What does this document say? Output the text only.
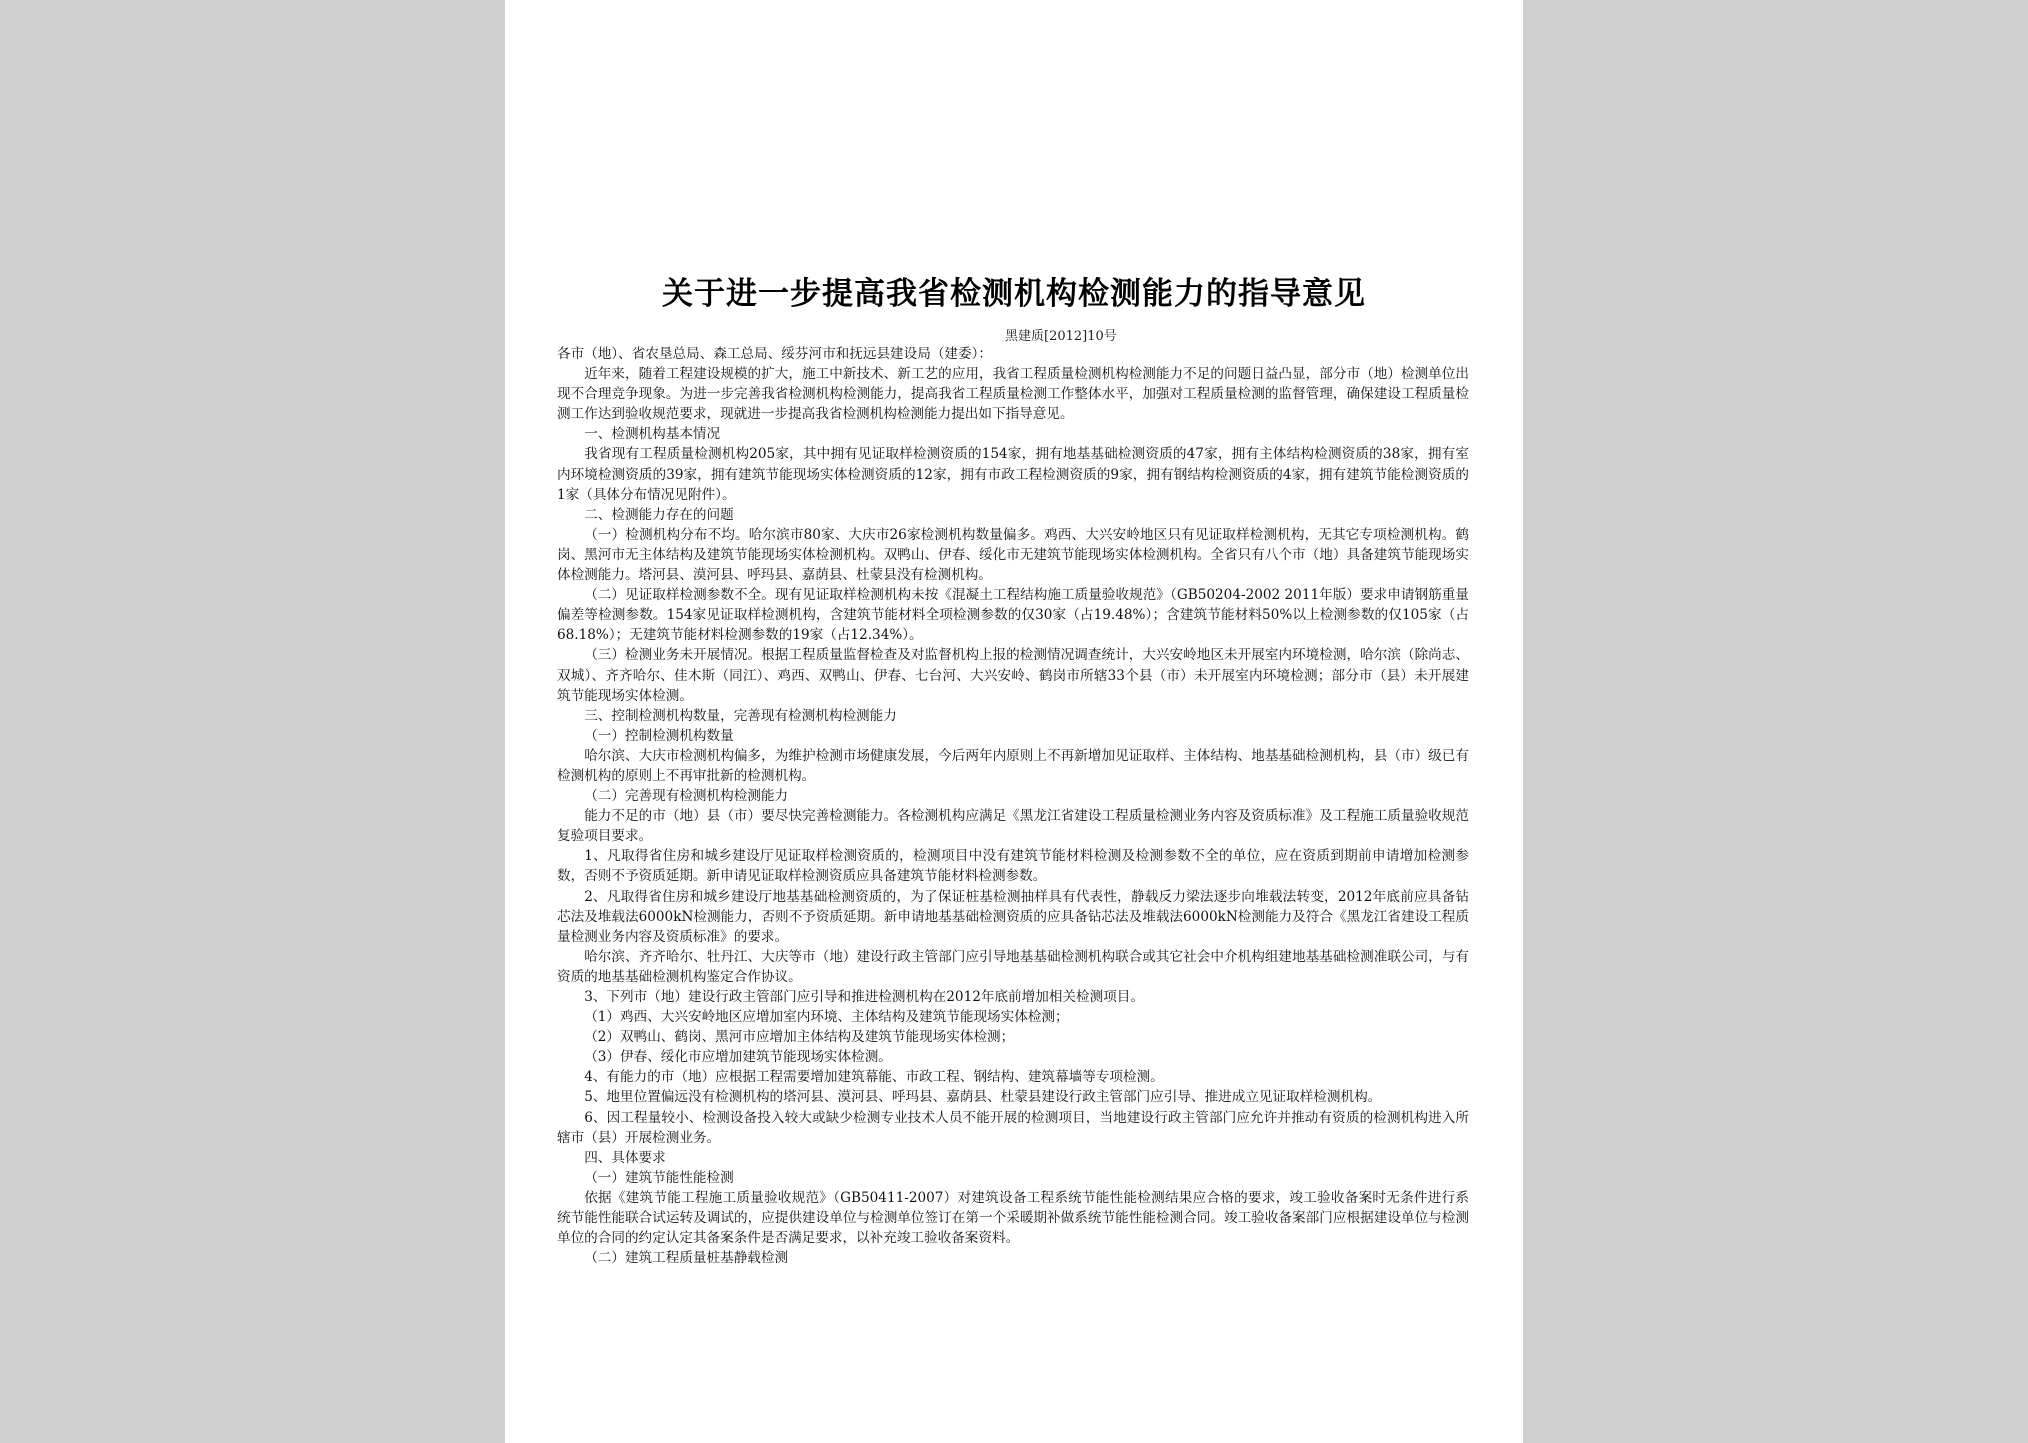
关于进一步提高我省检测机构检测能力的指导意见
黑建质[2012]10号

各市（地）、省农垦总局、森工总局、绥芬河市和抚远县建设局（建委）：

近年来，随着工程建设规模的扩大，施工中新技术、新工艺的应用，我省工程质量检测机构检测能力不足的问题日益凸显，部分市（地）检测单位出现不合理竞争现象。为进一步完善我省检测机构检测能力，提高我省工程质量检测工作整体水平，加强对工程质量检测的监督管理，确保建设工程质量检测工作达到验收规范要求，现就进一步提高我省检测机构检测能力提出如下指导意见。

一、检测机构基本情况

我省现有工程质量检测机构205家，其中拥有见证取样检测资质的154家，拥有地基基础检测资质的47家，拥有主体结构检测资质的38家，拥有室内环境检测资质的39家，拥有建筑节能现场实体检测资质的12家，拥有市政工程检测资质的9家，拥有钢结构检测资质的4家，拥有建筑节能检测资质的1家（具体分布情况见附件）。

二、检测能力存在的问题

（一）检测机构分布不均。哈尔滨市80家、大庆市26家检测机构数量偏多。鸡西、大兴安岭地区只有见证取样检测机构，无其它专项检测机构。鹤岗、黑河市无主体结构及建筑节能现场实体检测机构。双鸭山、伊春、绥化市无建筑节能现场实体检测机构。全省只有八个市（地）具备建筑节能现场实体检测能力。塔河县、漠河县、呼玛县、嘉荫县、杜蒙县没有检测机构。

（二）见证取样检测参数不全。现有见证取样检测机构未按《混凝土工程结构施工质量验收规范》（GB50204-2002 2011年版）要求申请钢筋重量偏差等检测参数。154家见证取样检测机构，含建筑节能材料全项检测参数的仅30家（占19.48%）；含建筑节能材料50%以上检测参数的仅105家（占68.18%）；无建筑节能材料检测参数的19家（占12.34%）。

（三）检测业务未开展情况。根据工程质量监督检查及对监督机构上报的检测情况调查统计，大兴安岭地区未开展室内环境检测，哈尔滨（除尚志、双城）、齐齐哈尔、佳木斯（同江）、鸡西、双鸭山、伊春、七台河、大兴安岭、鹤岗市所辖33个县（市）未开展室内环境检测；部分市（县）未开展建筑节能现场实体检测。

三、控制检测机构数量，完善现有检测机构检测能力

（一）控制检测机构数量

哈尔滨、大庆市检测机构偏多，为维护检测市场健康发展，今后两年内原则上不再新增加见证取样、主体结构、地基基础检测机构，县（市）级已有检测机构的原则上不再审批新的检测机构。

（二）完善现有检测机构检测能力

能力不足的市（地）县（市）要尽快完善检测能力。各检测机构应满足《黑龙江省建设工程质量检测业务内容及资质标准》及工程施工质量验收规范复验项目要求。

1、凡取得省住房和城乡建设厅见证取样检测资质的，检测项目中没有建筑节能材料检测及检测参数不全的单位，应在资质到期前申请增加检测参数，否则不予资质延期。新申请见证取样检测资质应具备建筑节能材料检测参数。

2、凡取得省住房和城乡建设厅地基基础检测资质的，为了保证桩基检测抽样具有代表性，静载反力梁法逐步向堆载法转变，2012年底前应具备钻芯法及堆载法6000kN检测能力，否则不予资质延期。新申请地基基础检测资质的应具备钻芯法及堆载法6000kN检测能力及符合《黑龙江省建设工程质量检测业务内容及资质标准》的要求。

哈尔滨、齐齐哈尔、牡丹江、大庆等市（地）建设行政主管部门应引导地基基础检测机构联合或其它社会中介机构组建地基基础检测准联公司，与有资质的地基基础检测机构鉴定合作协议。

3、下列市（地）建设行政主管部门应引导和推进检测机构在2012年底前增加相关检测项目。

（1）鸡西、大兴安岭地区应增加室内环境、主体结构及建筑节能现场实体检测；

（2）双鸭山、鹤岗、黑河市应增加主体结构及建筑节能现场实体检测；

（3）伊春、绥化市应增加建筑节能现场实体检测。

4、有能力的市（地）应根据工程需要增加建筑幕能、市政工程、钢结构、建筑幕墙等专项检测。

5、地里位置偏远没有检测机构的塔河县、漠河县、呼玛县、嘉荫县、杜蒙县建设行政主管部门应引导、推进成立见证取样检测机构。

6、因工程量较小、检测设备投入较大或缺少检测专业技术人员不能开展的检测项目，当地建设行政主管部门应允许并推动有资质的检测机构进入所辖市（县）开展检测业务。

四、具体要求

（一）建筑节能性能检测

依据《建筑节能工程施工质量验收规范》（GB50411-2007）对建筑设备工程系统节能性能检测结果应合格的要求，竣工验收备案时无条件进行系统节能性能联合试运转及调试的，应提供建设单位与检测单位签订在第一个采暖期补做系统节能性能检测合同。竣工验收备案部门应根据建设单位与检测单位的合同的约定认定其备案条件是否满足要求，以补充竣工验收备案资料。

（二）建筑工程质量桩基静载检测
